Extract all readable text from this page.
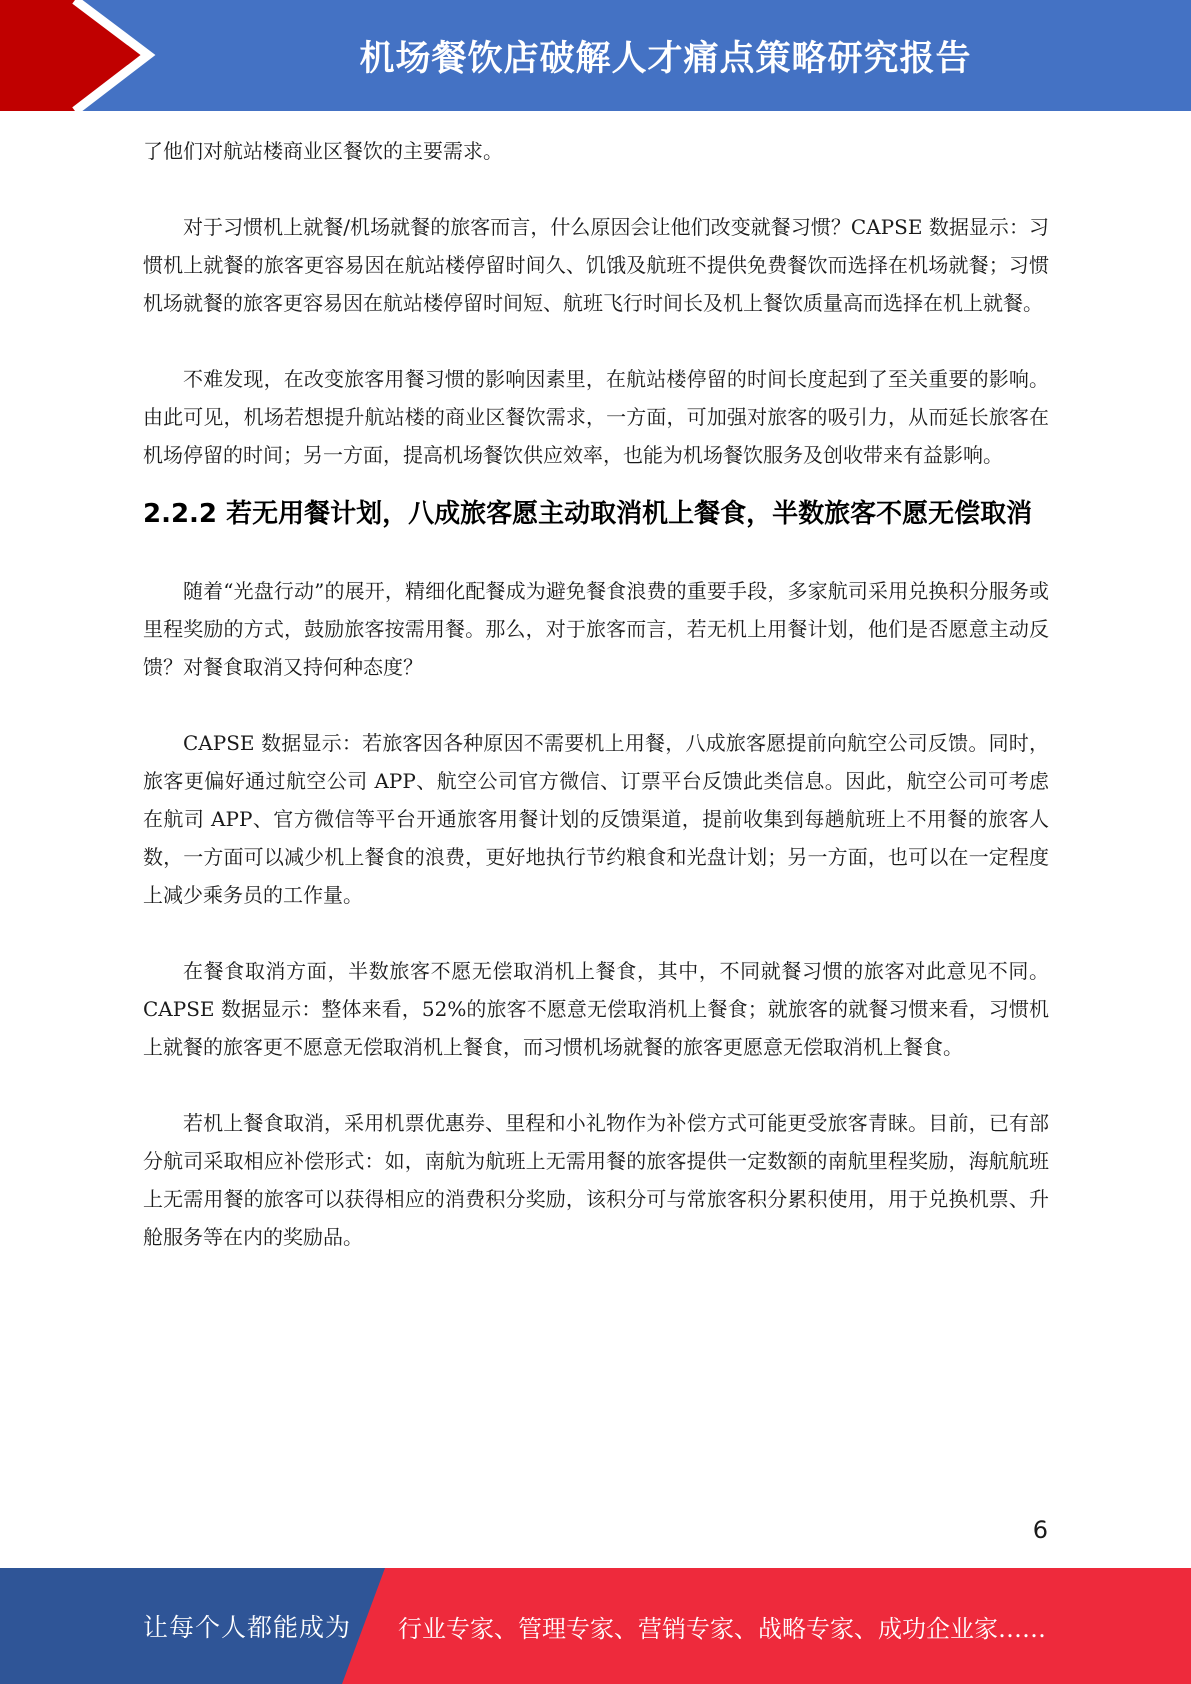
机场餐饮店破解人才痛点策略研究报告

了他们对航站楼商业区餐饮的主要需求。

对于习惯机上就餐/机场就餐的旅客而言，什么原因会让他们改变就餐习惯？CAPSE 数据显示：习惯机上就餐的旅客更容易因在航站楼停留时间久、饥饿及航班不提供免费餐饮而选择在机场就餐；习惯机场就餐的旅客更容易因在航站楼停留时间短、航班飞行时间长及机上餐饮质量高而选择在机上就餐。

不难发现，在改变旅客用餐习惯的影响因素里，在航站楼停留的时间长度起到了至关重要的影响。由此可见，机场若想提升航站楼的商业区餐饮需求，一方面，可加强对旅客的吸引力，从而延长旅客在机场停留的时间；另一方面，提高机场餐饮供应效率，也能为机场餐饮服务及创收带来有益影响。

2.2.2 若无用餐计划，八成旅客愿主动取消机上餐食，半数旅客不愿无偿取消

随着“光盘行动”的展开，精细化配餐成为避免餐食浪费的重要手段，多家航司采用兑换积分服务或里程奖励的方式，鼓励旅客按需用餐。那么，对于旅客而言，若无机上用餐计划，他们是否愿意主动反馈？对餐食取消又持何种态度？

CAPSE 数据显示：若旅客因各种原因不需要机上用餐，八成旅客愿提前向航空公司反馈。同时，旅客更偏好通过航空公司 APP、航空公司官方微信、订票平台反馈此类信息。因此，航空公司可考虑在航司 APP、官方微信等平台开通旅客用餐计划的反馈渠道，提前收集到每趟航班上不用餐的旅客人数，一方面可以减少机上餐食的浪费，更好地执行节约粮食和光盘计划；另一方面，也可以在一定程度上减少乘务员的工作量。

在餐食取消方面，半数旅客不愿无偿取消机上餐食，其中，不同就餐习惯的旅客对此意见不同。CAPSE 数据显示：整体来看，52%的旅客不愿意无偿取消机上餐食；就旅客的就餐习惯来看，习惯机上就餐的旅客更不愿意无偿取消机上餐食，而习惯机场就餐的旅客更愿意无偿取消机上餐食。

若机上餐食取消，采用机票优惠券、里程和小礼物作为补偿方式可能更受旅客青睐。目前，已有部分航司采取相应补偿形式：如，南航为航班上无需用餐的旅客提供一定数额的南航里程奖励，海航航班上无需用餐的旅客可以获得相应的消费积分奖励，该积分可与常旅客积分累积使用，用于兑换机票、升舱服务等在内的奖励品。

6
让每个人都能成为 行业专家、管理专家、营销专家、战略专家、成功企业家……
